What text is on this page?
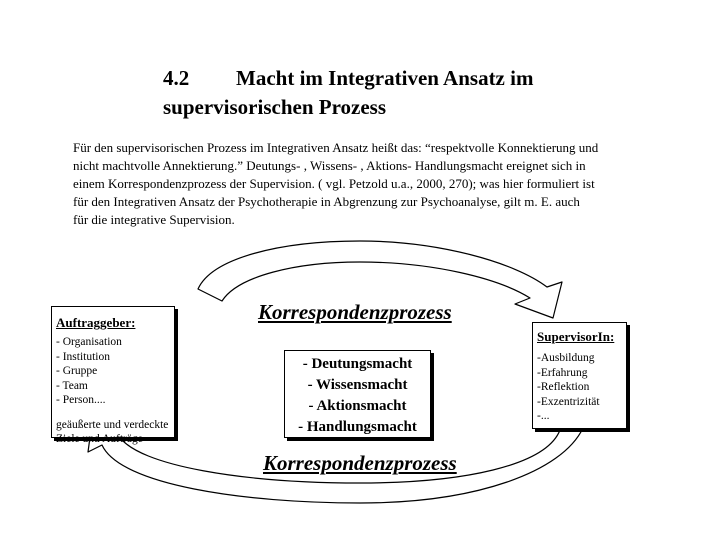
4.2 Macht im Integrativen Ansatz im
supervisorischen Prozess

Für den supervisorischen Prozess im Integrativen Ansatz heißt das: “respektvolle Konnektierung und
nicht machtvolle Annektierung.” Deutungs- , Wissens- , Aktions- Handlungsmacht ereignet sich in
einem Korrespondenzprozess der Supervision. ( vgl. Petzold u.a., 2000, 270); was hier formuliert ist
für den Integrativen Ansatz der Psychotherapie in Abgrenzung zur Psychoanalyse, gilt m. E. auch
für die integrative Supervision.

Korrespondenzprozess
Auftraggeber:
- Organisation
- Institution
- Gruppe
- Team
- Person....
geäußerte und verdeckte
Ziele und Aufträge
- Deutungsmacht
- Wissensmacht
- Aktionsmacht
- Handlungsmacht
SupervisorIn:
-Ausbildung
-Erfahrung
-Reflektion
-Exzentrizität
-...
Korrespondenzprozess
